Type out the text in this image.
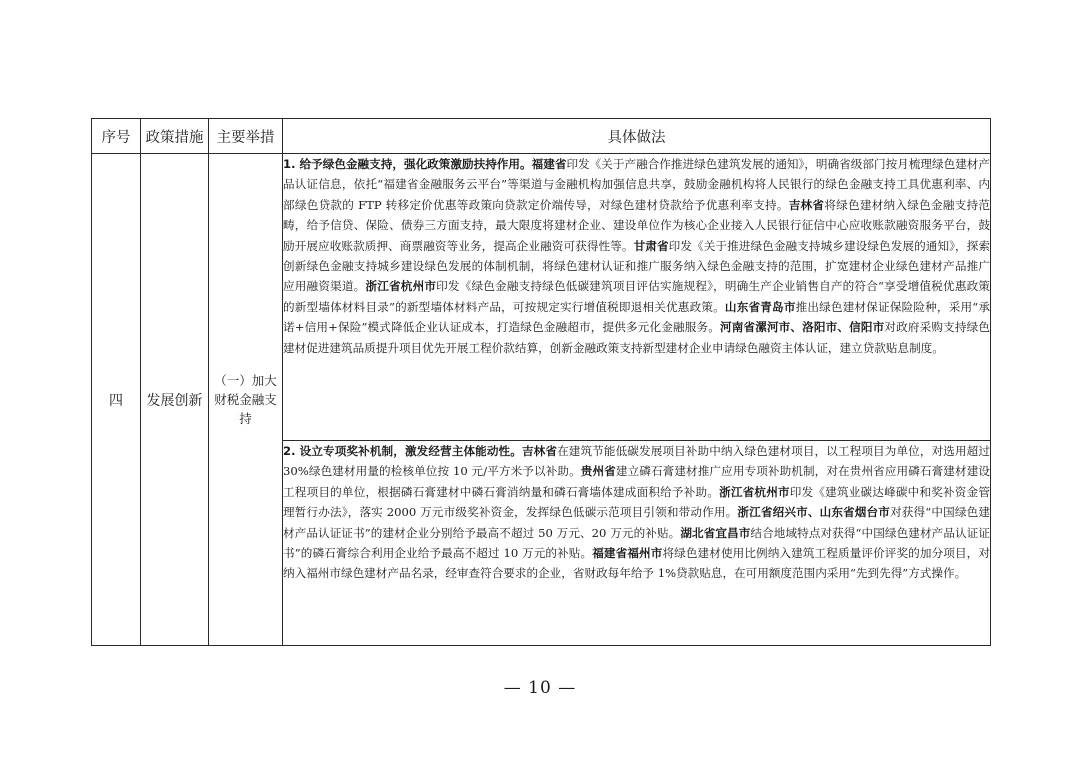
序号	政策措施	主要举措	具体做法
四	发展创新	（一）加大财税金融支持	1. 给予绿色金融支持，强化政策激励扶持作用。福建省印发《关于产融合作推进绿色建筑发展的通知》，明确省级部门按月梳理绿色建材产品认证信息，依托“福建省金融服务云平台”等渠道与金融机构加强信息共享，鼓励金融机构将人民银行的绿色金融支持工具优惠利率、内部绿色贷款的 FTP 转移定价优惠等政策向贷款定价端传导，对绿色建材贷款给予优惠利率支持。吉林省将绿色建材纳入绿色金融支持范畴，给予信贷、保险、债券三方面支持，最大限度将建材企业、建设单位作为核心企业接入人民银行征信中心应收账款融资服务平台，鼓励开展应收账款质押、商票融资等业务，提高企业融资可获得性等。甘肃省印发《关于推进绿色金融支持城乡建设绿色发展的通知》，探索创新绿色金融支持城乡建设绿色发展的体制机制，将绿色建材认证和推广服务纳入绿色金融支持的范围，扩宽建材企业绿色建材产品推广应用融资渠道。浙江省杭州市印发《绿色金融支持绿色低碳建筑项目评估实施规程》，明确生产企业销售自产的符合“享受增值税优惠政策的新型墙体材料目录”的新型墙体材料产品，可按规定实行增值税即退相关优惠政策。山东省青岛市推出绿色建材保证保险险种，采用“承诺+信用+保险”模式降低企业认证成本，打造绿色金融超市，提供多元化金融服务。河南省漯河市、洛阳市、信阳市对政府采购支持绿色建材促进建筑品质提升项目优先开展工程价款结算，创新金融政策支持新型建材企业申请绿色融资主体认证，建立贷款贴息制度。
			2. 设立专项奖补机制，激发经营主体能动性。吉林省在建筑节能低碳发展项目补助中纳入绿色建材项目，以工程项目为单位，对选用超过 30%绿色建材用量的检核单位按 10 元/平方米予以补助。贵州省建立磷石膏建材推广应用专项补助机制，对在贵州省应用磷石膏建材建设工程项目的单位，根据磷石膏建材中磷石膏消纳量和磷石膏墙体建成面积给予补助。浙江省杭州市印发《建筑业碳达峰碳中和奖补资金管理暂行办法》，落实 2000 万元市级奖补资金，发挥绿色低碳示范项目引领和带动作用。浙江省绍兴市、山东省烟台市对获得“中国绿色建材产品认证证书”的建材企业分别给予最高不超过 50 万元、20 万元的补贴。湖北省宜昌市结合地域特点对获得“中国绿色建材产品认证证书”的磷石膏综合利用企业给予最高不超过 10 万元的补贴。福建省福州市将绿色建材使用比例纳入建筑工程质量评价评奖的加分项目，对纳入福州市绿色建材产品名录，经审查符合要求的企业，省财政每年给予 1%贷款贴息，在可用额度范围内采用“先到先得”方式操作。
— 10 —
